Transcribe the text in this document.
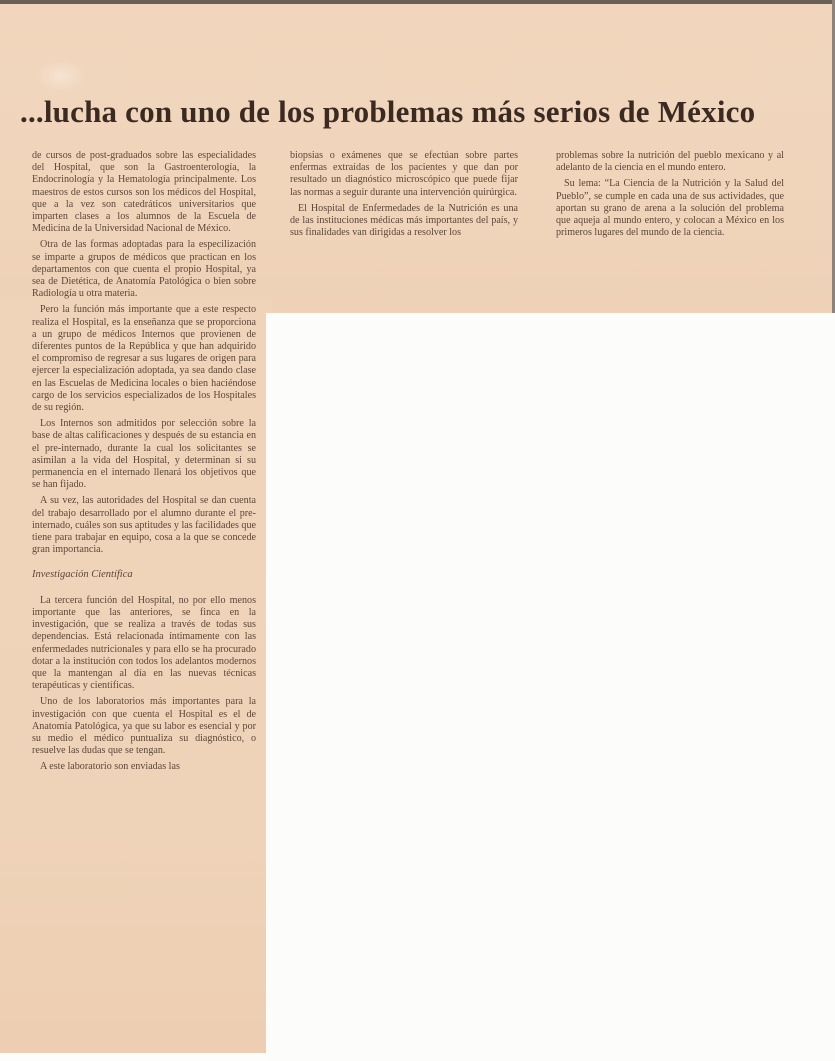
...lucha con uno de los problemas más serios de México

de cursos de post-graduados sobre las especialidades del Hospital, que son la Gastroenterología, la Endocrinología y la Hematología principalmente. Los maestros de estos cursos son los médicos del Hospital, que a la vez son catedráticos universitarios que imparten clases a los alumnos de la Escuela de Medicina de la Universidad Nacional de México.

Otra de las formas adoptadas para la especilización se imparte a grupos de médicos que practican en los departamentos con que cuenta el propio Hospital, ya sea de Dietética, de Anatomía Patológica o bien sobre Radiología u otra materia.

Pero la función más importante que a este respecto realiza el Hospital, es la enseñanza que se proporciona a un grupo de médicos Internos que provienen de diferentes puntos de la República y que han adquirido el compromiso de regresar a sus lugares de origen para ejercer la especialización adoptada, ya sea dando clase en las Escuelas de Medicina locales o bien haciéndose cargo de los servicios especializados de los Hospitales de su región.

Los Internos son admitidos por selección sobre la base de altas calificaciones y después de su estancia en el pre-internado, durante la cual los solicitantes se asimilan a la vida del Hospital, y determinan si su permanencia en el internado llenará los objetivos que se han fijado.

A su vez, las autoridades del Hospital se dan cuenta del trabajo desarrollado por el alumno durante el pre-internado, cuáles son sus aptitudes y las facilidades que tiene para trabajar en equipo, cosa a la que se concede gran importancia.

Investigación Científica

La tercera función del Hospital, no por ello menos importante que las anteriores, se finca en la investigación, que se realiza a través de todas sus dependencias. Está relacionada íntimamente con las enfermedades nutricionales y para ello se ha procurado dotar a la institución con todos los adelantos modernos que la mantengan al día en las nuevas técnicas terapéuticas y científicas.

Uno de los laboratorios más importantes para la investigación con que cuenta el Hospital es el de Anatomía Patológica, ya que su labor es esencial y por su medio el médico puntualiza su diagnóstico, o resuelve las dudas que se tengan.

A este laboratorio son enviadas las

biopsias o exámenes que se efectúan sobre partes enfermas extraídas de los pacientes y que dan por resultado un diagnóstico microscópico que puede fijar las normas a seguir durante una intervención quirúrgica.

El Hospital de Enfermedades de la Nutrición es una de las instituciones médicas más importantes del país, y sus finalidades van dirigidas a resolver los

problemas sobre la nutrición del pueblo mexicano y al adelanto de la ciencia en el mundo entero.

Su lema: “La Ciencia de la Nutrición y la Salud del Pueblo”, se cumple en cada una de sus actividades, que aportan su grano de arena a la solución del problema que aqueja al mundo entero, y colocan a México en los primeros lugares del mundo de la ciencia.
